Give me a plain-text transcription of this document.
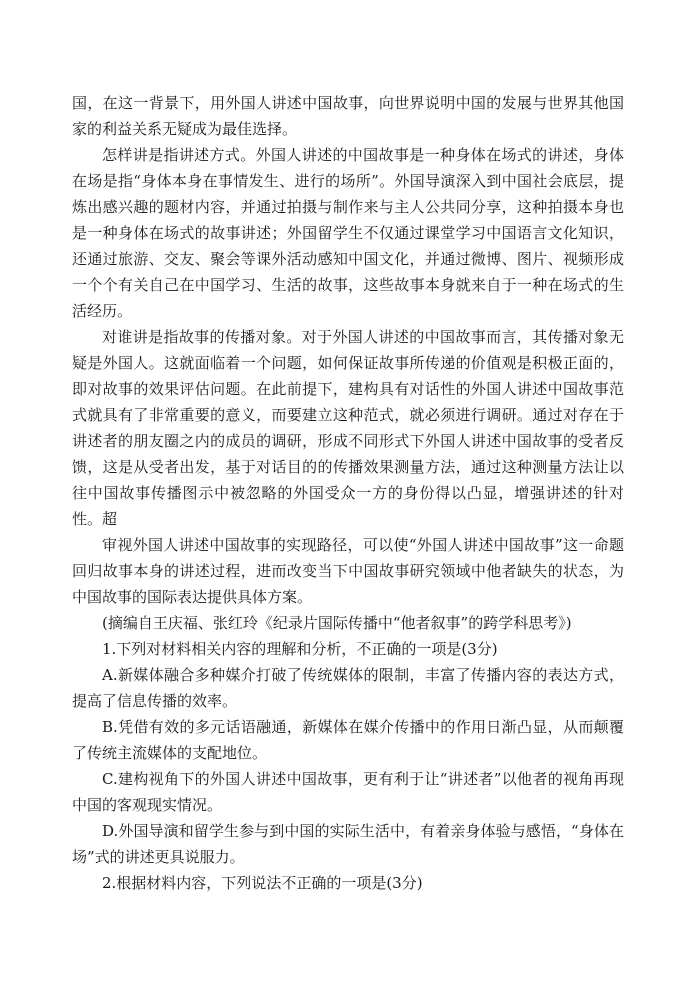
国，在这一背景下，用外国人讲述中国故事，向世界说明中国的发展与世界其他国家的利益关系无疑成为最佳选择。

怎样讲是指讲述方式。外国人讲述的中国故事是一种身体在场式的讲述，身体在场是指“身体本身在事情发生、进行的场所”。外国导演深入到中国社会底层，提炼出感兴趣的题材内容，并通过拍摄与制作来与主人公共同分享，这种拍摄本身也是一种身体在场式的故事讲述；外国留学生不仅通过课堂学习中国语言文化知识，还通过旅游、交友、聚会等课外活动感知中国文化，并通过微博、图片、视频形成一个个有关自己在中国学习、生活的故事，这些故事本身就来自于一种在场式的生活经历。

对谁讲是指故事的传播对象。对于外国人讲述的中国故事而言，其传播对象无疑是外国人。这就面临着一个问题，如何保证故事所传递的价值观是积极正面的，即对故事的效果评估问题。在此前提下，建构具有对话性的外国人讲述中国故事范式就具有了非常重要的意义，而要建立这种范式，就必须进行调研。通过对存在于讲述者的朋友圈之内的成员的调研，形成不同形式下外国人讲述中国故事的受者反馈，这是从受者出发，基于对话目的的传播效果测量方法，通过这种测量方法让以往中国故事传播图示中被忽略的外国受众一方的身份得以凸显，增强讲述的针对性。超

审视外国人讲述中国故事的实现路径，可以使“外国人讲述中国故事”这一命题回归故事本身的讲述过程，进而改变当下中国故事研究领域中他者缺失的状态，为中国故事的国际表达提供具体方案。

(摘编自王庆福、张红玲《纪录片国际传播中“他者叙事”的跨学科思考》)

1.下列对材料相关内容的理解和分析，不正确的一项是(3分)

A.新媒体融合多种媒介打破了传统媒体的限制，丰富了传播内容的表达方式，提高了信息传播的效率。

B.凭借有效的多元话语融通，新媒体在媒介传播中的作用日渐凸显，从而颠覆了传统主流媒体的支配地位。

C.建构视角下的外国人讲述中国故事，更有利于让“讲述者”以他者的视角再现中国的客观现实情况。

D.外国导演和留学生参与到中国的实际生活中，有着亲身体验与感悟，“身体在场”式的讲述更具说服力。

2.根据材料内容，下列说法不正确的一项是(3分)
